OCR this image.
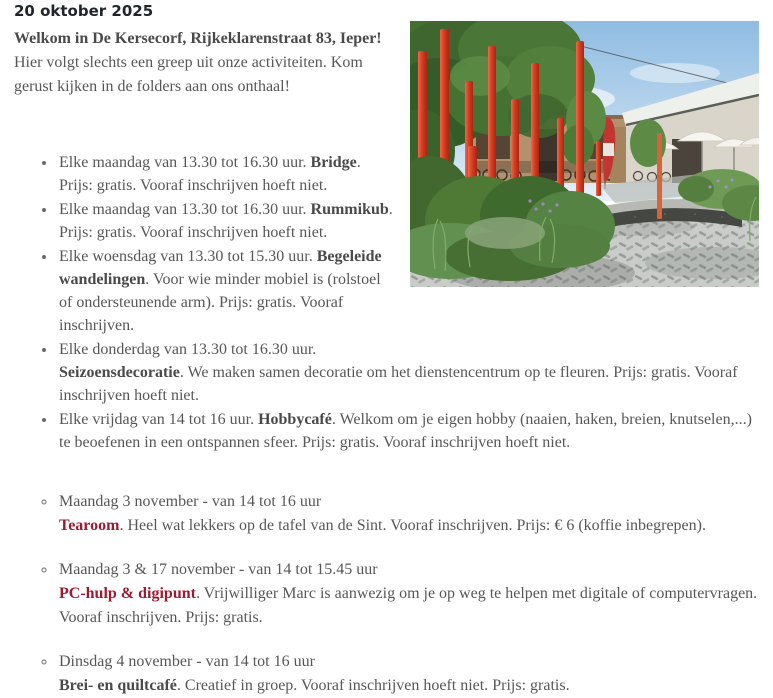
20 oktober 2025

Welkom in De Kersecorf, Rijkeklarenstraat 83, Ieper!
Hier volgt slechts een greep uit onze activiteiten. Kom gerust kijken in de folders aan ons onthaal!

• Elke maandag van 13.30 tot 16.30 uur. Bridge. Prijs: gratis. Vooraf inschrijven hoeft niet.
• Elke maandag van 13.30 tot 16.30 uur. Rummikub. Prijs: gratis. Vooraf inschrijven hoeft niet.
• Elke woensdag van 13.30 tot 15.30 uur. Begeleide wandelingen. Voor wie minder mobiel is (rolstoel of ondersteunende arm). Prijs: gratis. Vooraf inschrijven.
• Elke donderdag van 13.30 tot 16.30 uur.
Seizoensdecoratie. We maken samen decoratie om het dienstencentrum op te fleuren. Prijs: gratis. Vooraf inschrijven hoeft niet.
• Elke vrijdag van 14 tot 16 uur. Hobbycafé. Welkom om je eigen hobby (naaien, haken, breien, knutselen,...) te beoefenen in een ontspannen sfeer. Prijs: gratis. Vooraf inschrijven hoeft niet.
◦ Maandag 3 november - van 14 tot 16 uur
Tearoom. Heel wat lekkers op de tafel van de Sint. Vooraf inschrijven. Prijs: € 6 (koffie inbegrepen).
◦ Maandag 3 & 17 november - van 14 tot 15.45 uur
PC-hulp & digipunt. Vrijwilliger Marc is aanwezig om je op weg te helpen met digitale of computervragen. Vooraf inschrijven. Prijs: gratis.
◦ Dinsdag 4 november - van 14 tot 16 uur
Brei- en quiltcafé. Creatief in groep. Vooraf inschrijven hoeft niet. Prijs: gratis.
